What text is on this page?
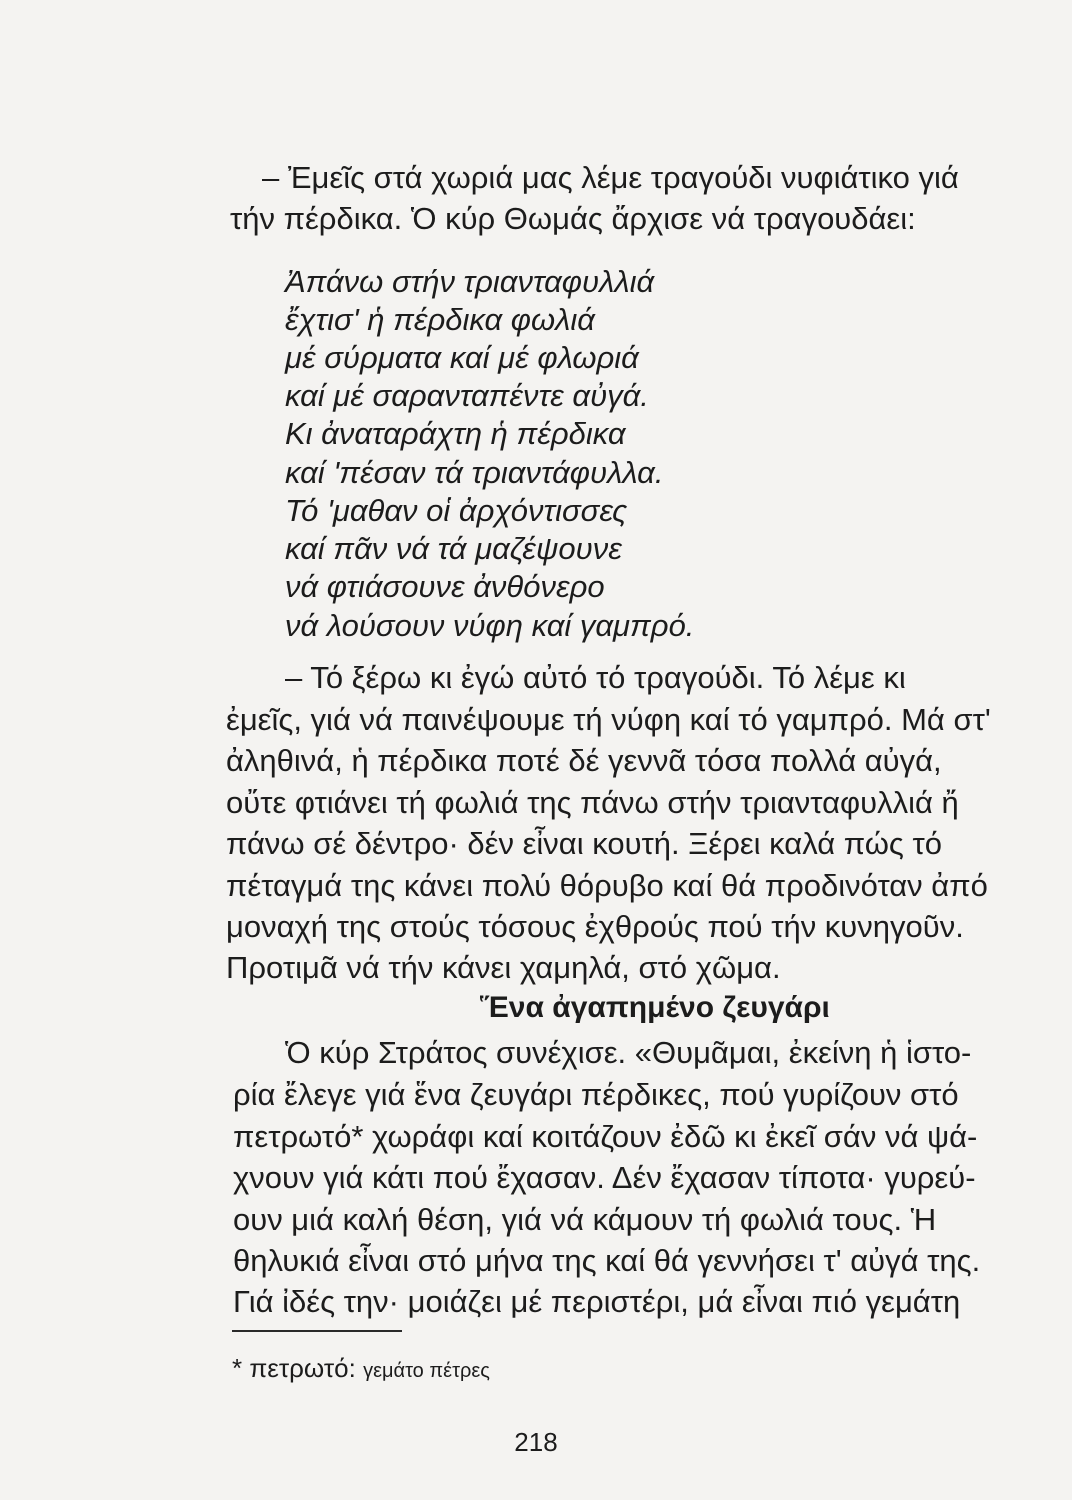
– Ἐμεῖς στά χωριά μας λέμε τραγούδι νυφιάτικο γιά
τήν πέρδικα. Ὁ κύρ Θωμάς ἄρχισε νά τραγουδάει:
Ἀπάνω στήν τριανταφυλλιά
ἔχτισ' ἡ πέρδικα φωλιά
μέ σύρματα καί μέ φλωριά
καί μέ σαρανταπέντε αὐγά.
Κι ἀναταράχτη ἡ πέρδικα
καί 'πέσαν τά τριαντάφυλλα.
Τό 'μαθαν οἱ ἀρχόντισσες
καί πᾶν νά τά μαζέψουνε
νά φτιάσουνε ἀνθόνερο
νά λούσουν νύφη καί γαμπρό.
– Τό ξέρω κι ἐγώ αὐτό τό τραγούδι. Τό λέμε κι
ἐμεῖς, γιά νά παινέψουμε τή νύφη καί τό γαμπρό. Μά στ'
ἀληθινά, ἡ πέρδικα ποτέ δέ γεννᾶ τόσα πολλά αὐγά,
οὔτε φτιάνει τή φωλιά της πάνω στήν τριανταφυλλιά ἤ
πάνω σέ δέντρο· δέν εἶναι κουτή. Ξέρει καλά πώς τό
πέταγμά της κάνει πολύ θόρυβο καί θά προδινόταν ἀπό
μοναχή της στούς τόσους ἐχθρούς πού τήν κυνηγοῦν.
Προτιμᾶ νά τήν κάνει χαμηλά, στό χῶμα.
Ἕνα ἀγαπημένο ζευγάρι
Ὁ κύρ Στράτος συνέχισε. «Θυμᾶμαι, ἐκείνη ἡ ἱστο-
ρία ἔλεγε γιά ἕνα ζευγάρι πέρδικες, πού γυρίζουν στό
πετρωτό* χωράφι καί κοιτάζουν ἐδῶ κι ἐκεῖ σάν νά ψά-
χνουν γιά κάτι πού ἔχασαν. Δέν ἔχασαν τίποτα· γυρεύ-
ουν μιά καλή θέση, γιά νά κάμουν τή φωλιά τους. Ἡ
θηλυκιά εἶναι στό μήνα της καί θά γεννήσει τ' αὐγά της.
Γιά ἰδές την· μοιάζει μέ περιστέρι, μά εἶναι πιό γεμάτη
* πετρωτό: γεμάτο πέτρες
218
